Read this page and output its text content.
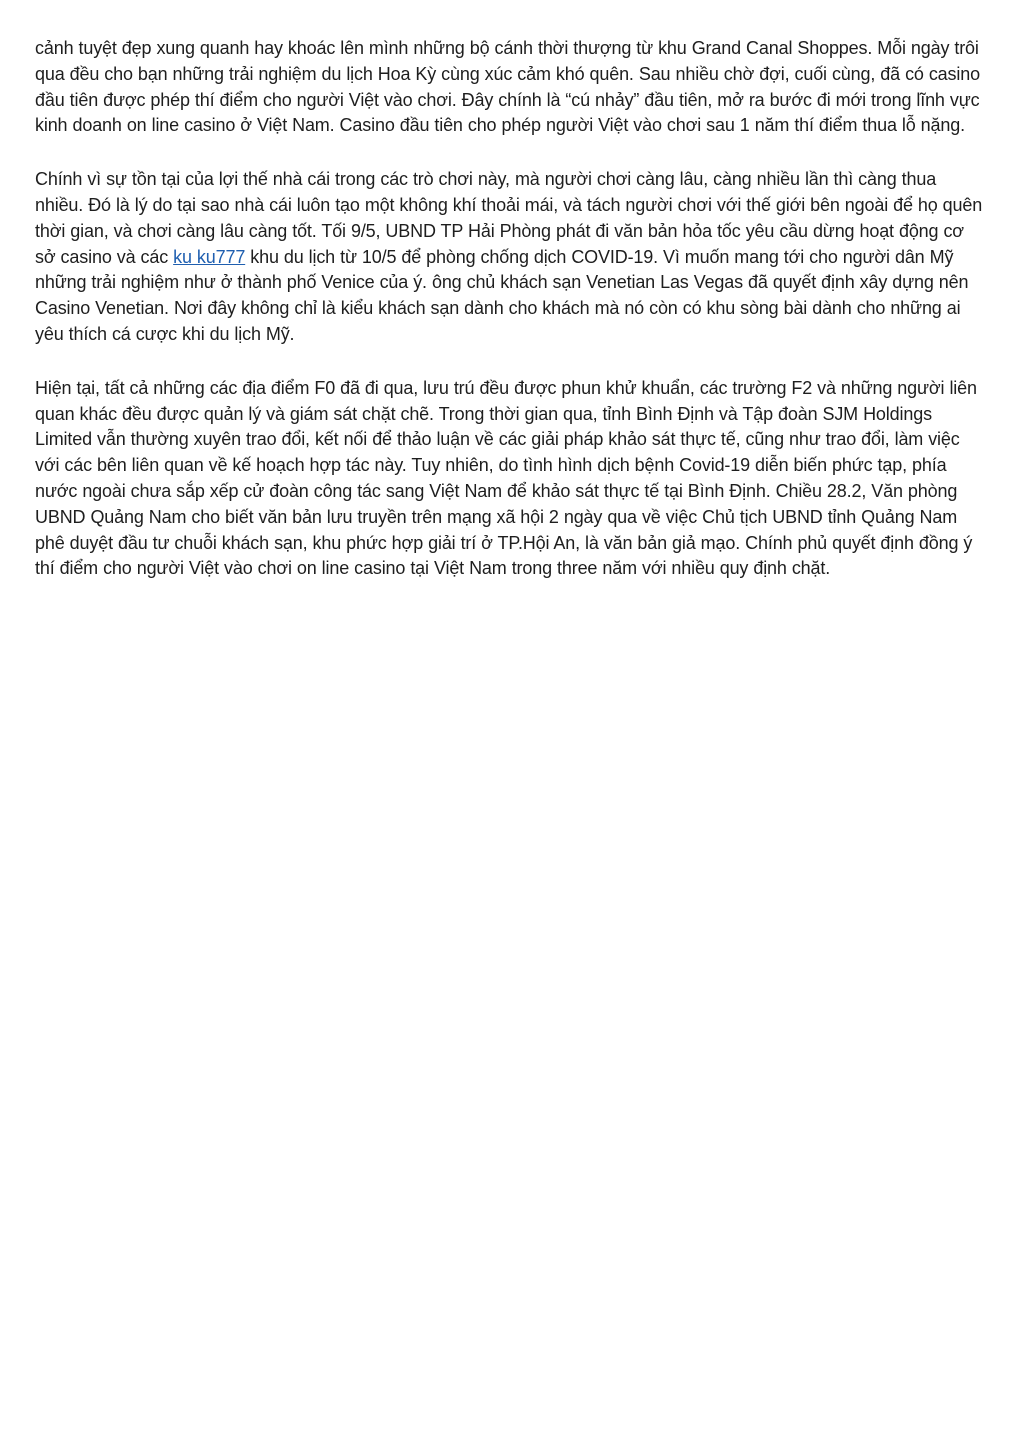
cảnh tuyệt đẹp xung quanh hay khoác lên mình những bộ cánh thời thượng từ khu Grand Canal Shoppes. Mỗi ngày trôi qua đều cho bạn những trải nghiệm du lịch Hoa Kỳ cùng xúc cảm khó quên. Sau nhiều chờ đợi, cuối cùng, đã có casino đầu tiên được phép thí điểm cho người Việt vào chơi. Đây chính là “cú nhảy” đầu tiên, mở ra bước đi mới trong lĩnh vực kinh doanh on line casino ở Việt Nam. Casino đầu tiên cho phép người Việt vào chơi sau 1 năm thí điểm thua lỗ nặng.

Chính vì sự tồn tại của lợi thế nhà cái trong các trò chơi này, mà người chơi càng lâu, càng nhiều lần thì càng thua nhiều. Đó là lý do tại sao nhà cái luôn tạo một không khí thoải mái, và tách người chơi với thế giới bên ngoài để họ quên thời gian, và chơi càng lâu càng tốt. Tối 9/5, UBND TP Hải Phòng phát đi văn bản hỏa tốc yêu cầu dừng hoạt động cơ sở casino và các ku ku777 khu du lịch từ 10/5 để phòng chống dịch COVID-19. Vì muốn mang tới cho người dân Mỹ những trải nghiệm như ở thành phố Venice của ý. ông chủ khách sạn Venetian Las Vegas đã quyết định xây dựng nên Casino Venetian. Nơi đây không chỉ là kiểu khách sạn dành cho khách mà nó còn có khu sòng bài dành cho những ai yêu thích cá cược khi du lịch Mỹ.

Hiện tại, tất cả những các địa điểm F0 đã đi qua, lưu trú đều được phun khử khuẩn, các trường F2 và những người liên quan khác đều được quản lý và giám sát chặt chẽ. Trong thời gian qua, tỉnh Bình Định và Tập đoàn SJM Holdings Limited vẫn thường xuyên trao đổi, kết nối để thảo luận về các giải pháp khảo sát thực tế, cũng như trao đổi, làm việc với các bên liên quan về kế hoạch hợp tác này. Tuy nhiên, do tình hình dịch bệnh Covid-19 diễn biến phức tạp, phía nước ngoài chưa sắp xếp cử đoàn công tác sang Việt Nam để khảo sát thực tế tại Bình Định. Chiều 28.2, Văn phòng UBND Quảng Nam cho biết văn bản lưu truyền trên mạng xã hội 2 ngày qua về việc Chủ tịch UBND tỉnh Quảng Nam phê duyệt đầu tư chuỗi khách sạn, khu phức hợp giải trí ở TP.Hội An, là văn bản giả mạo. Chính phủ quyết định đồng ý thí điểm cho người Việt vào chơi on line casino tại Việt Nam trong three năm với nhiều quy định chặt.
